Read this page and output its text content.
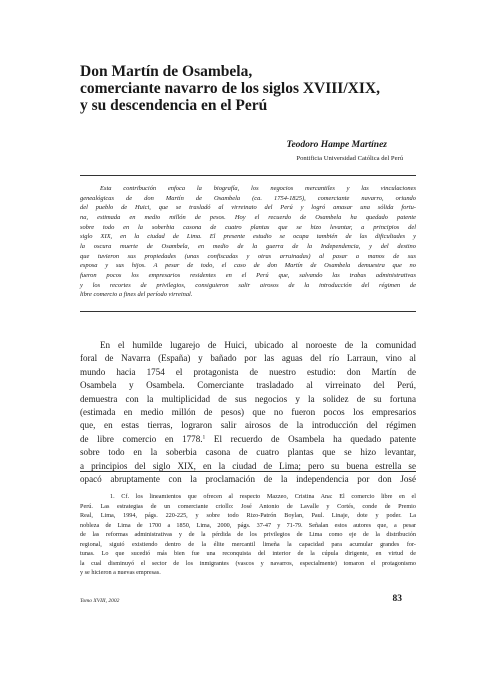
Don Martín de Osambela,
comerciante navarro de los siglos XVIII/XIX,
y su descendencia en el Perú
Teodoro Hampe Martínez
Pontificia Universidad Católica del Perú
Esta contribución enfoca la biografía, los negocios mercantiles y las vinculaciones
genealógicas de don Martín de Osambela (ca. 1754-1825), comerciante navarro, oriundo
del pueblo de Huici, que se trasladó al virreinato del Perú y logró amasar una sólida fortu-
na, estimada en medio millón de pesos. Hoy el recuerdo de Osambela ha quedado patente
sobre todo en la soberbia casona de cuatro plantas que se hizo levantar, a principios del
siglo XIX, en la ciudad de Lima. El presente estudio se ocupa también de las dificultades y
la oscura muerte de Osambela, en medio de la guerra de la Independencia, y del destino
que tuvieron sus propiedades (unas confiscadas y otras arruinadas) al pasar a manos de sus
esposa y sus hijos. A pesar de todo, el caso de don Martín de Osambela demuestra que no
fueron pocos los empresarios residentes en el Perú que, salvando las trabas administrativas
y los recortes de privilegios, consiguieron salir airosos de la introducción del régimen de
libre comercio a fines del período virreinal.
En el humilde lugarejo de Huici, ubicado al noroeste de la comunidad
foral de Navarra (España) y bañado por las aguas del río Larraun, vino al
mundo hacia 1754 el protagonista de nuestro estudio: don Martín de
Osambela y Osambela. Comerciante trasladado al virreinato del Perú,
demuestra con la multiplicidad de sus negocios y la solidez de su fortuna
(estimada en medio millón de pesos) que no fueron pocos los empresarios
que, en estas tierras, lograron salir airosos de la introducción del régimen
de libre comercio en 1778.$^1$ El recuerdo de Osambela ha quedado patente
sobre todo en la soberbia casona de cuatro plantas que se hizo levantar,
a principios del siglo XIX, en la ciudad de Lima; pero su buena estrella se
opacó abruptamente con la proclamación de la independencia por don José
1. Cf. los lineamientos que ofrecen al respecto Mazzeo, Cristina Ana: El comercio libre en el
Perú. Las estrategias de un comerciante criollo: José Antonio de Lavalle y Cortés, conde de Premio
Real, Lima, 1994, págs. 220-225, y sobre todo Rizo-Patrón Boylan, Paul. Linaje, dote y poder. La
nobleza de Lima de 1700 a 1850, Lima, 2000, págs. 37-47 y 71-79. Señalan estos autores que, a pesar
de las reformas administrativas y de la pérdida de los privilegios de Lima como eje de la distribución
regional, siguió existiendo dentro de la élite mercantil limeña la capacidad para acumular grandes for-
tunas. Lo que sucedió más bien fue una reconquista del interior de la cúpula dirigente, en virtud de
la cual disminuyó el sector de los inmigrantes (vascos y navarros, especialmente) tomaron el protagonismo
y se hicieron a nuevas empresas.
Tomo XVIII, 2002	83
